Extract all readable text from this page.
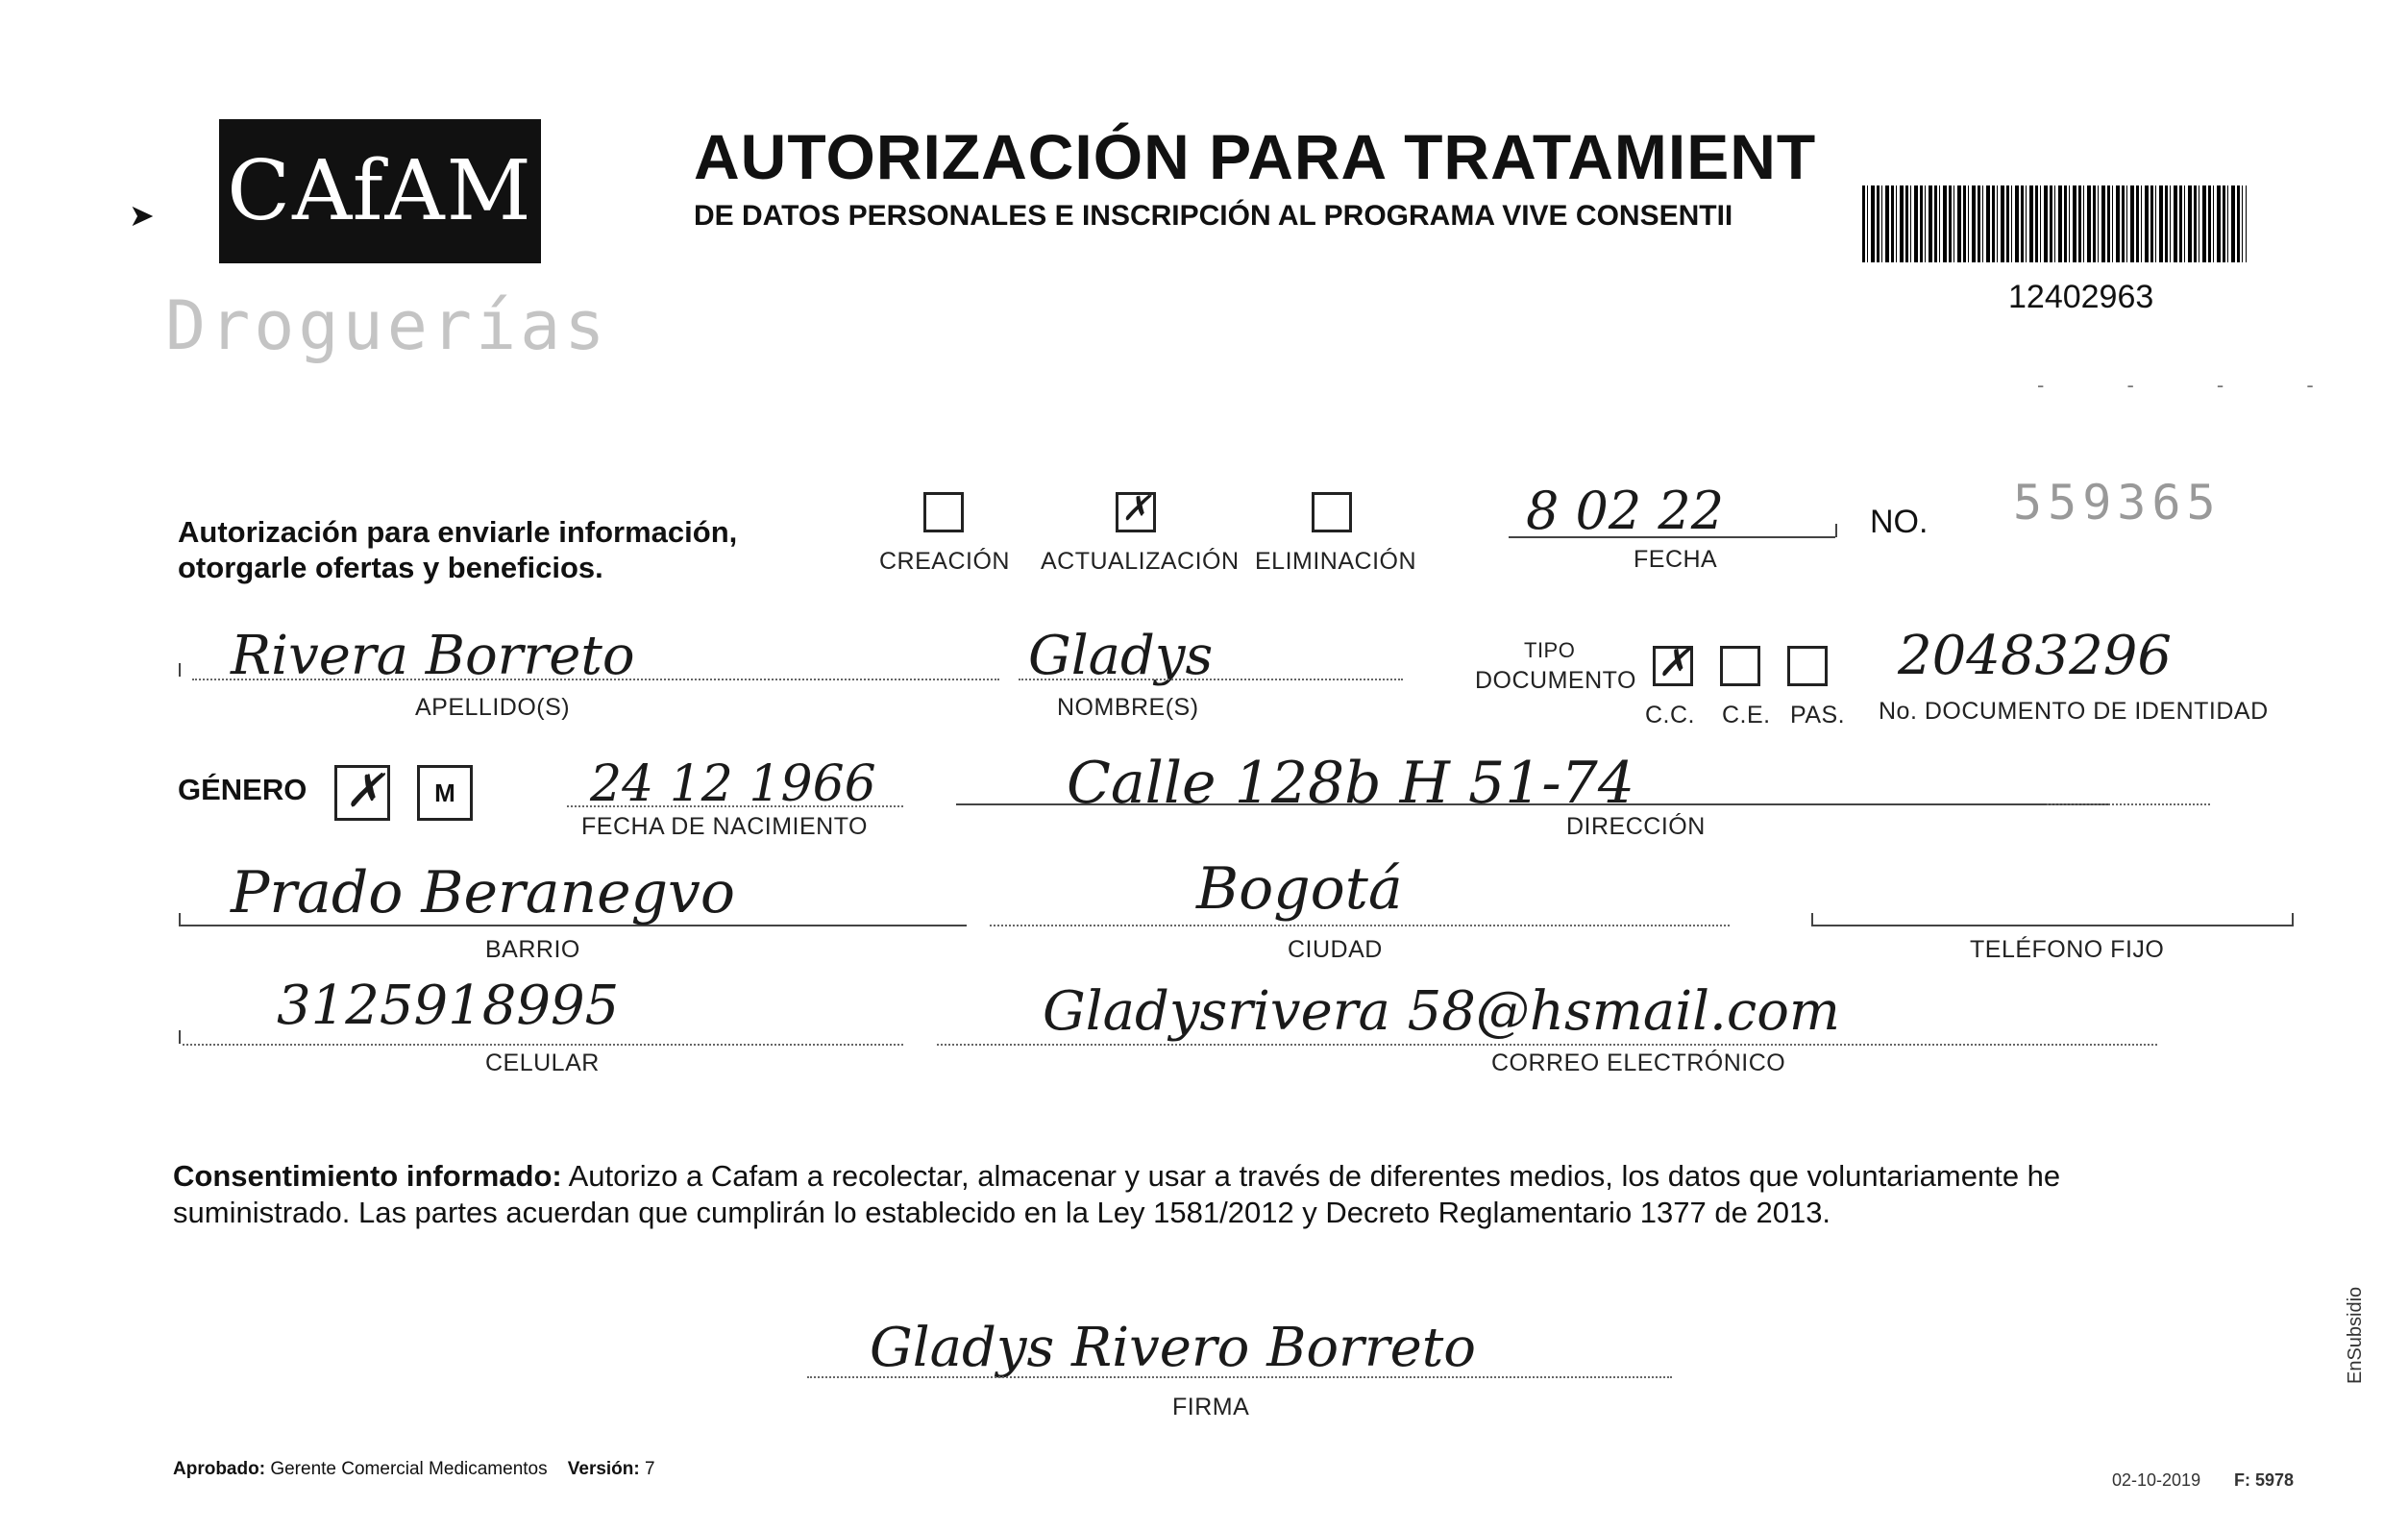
➤ CAfAM
Droguerías
AUTORIZACIÓN PARA TRATAMIENT
DE DATOS PERSONALES E INSCRIPCIÓN AL PROGRAMA VIVE CONSENTII
12402963
- - - -
Autorización para enviarle información,
otorgarle ofertas y beneficios.	CREACIÓN
✗
ACTUALIZACIÓN ELIMINACIÓN
8 02 22
FECHA
NO. 559365
Rivera Borreto
APELLIDO(S)
Gladys
NOMBRE(S)
TIPO
DOCUMENTO ✗
C.C. C.E. PAS.
20483296
No. DOCUMENTO DE IDENTIDAD
GÉNERO ✗ M	24 12 1966
FECHA DE NACIMIENTO
Calle 128b H 51-74
DIRECCIÓN
Prado Beranegvo
BARRIO
Bogotá
CIUDAD	TELÉFONO FIJO
3125918995
CELULAR
Gladysrivera 58@hsmail.com
CORREO ELECTRÓNICO
Consentimiento informado: Autorizo a Cafam a recolectar, almacenar y usar a través de diferentes medios, los datos que voluntariamente he
suministrado. Las partes acuerdan que cumplirán lo establecido en la Ley 1581/2012 y Decreto Reglamentario 1377 de 2013.
Gladys Rivero Borreto
FIRMA
Aprobado: Gerente Comercial Medicamentos Versión: 7
02-10-2019 F: 5978
EnSubsidio
